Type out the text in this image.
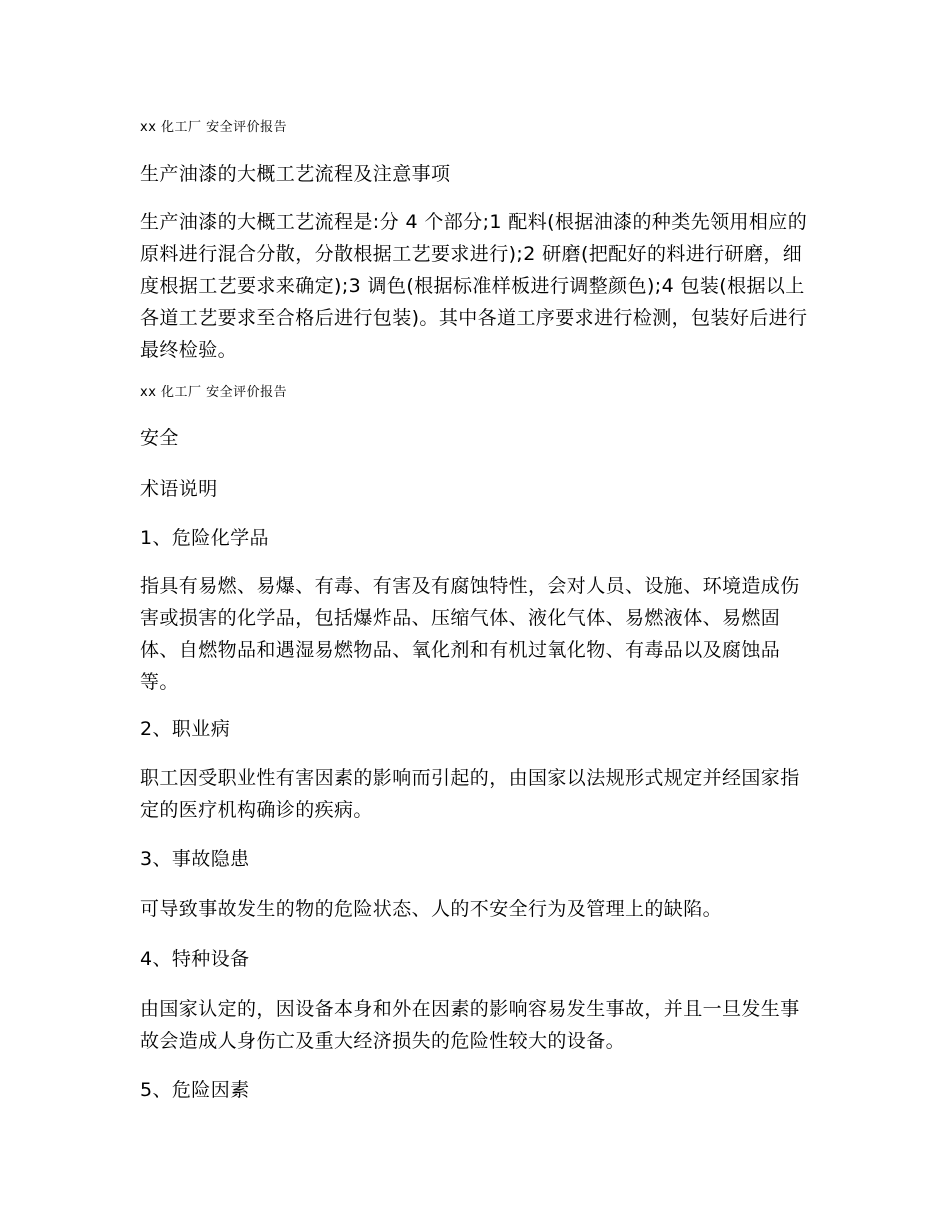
xx 化工厂 安全评价报告

生产油漆的大概工艺流程及注意事项

生产油漆的大概工艺流程是:分 4 个部分;1 配料(根据油漆的种类先领用相应的原料进行混合分散，分散根据工艺要求进行);2 研磨(把配好的料进行研磨，细度根据工艺要求来确定);3 调色(根据标准样板进行调整颜色);4 包装(根据以上各道工艺要求至合格后进行包装)。其中各道工序要求进行检测，包装好后进行最终检验。

xx 化工厂 安全评价报告

安全

术语说明

1、危险化学品

指具有易燃、易爆、有毒、有害及有腐蚀特性，会对人员、设施、环境造成伤害或损害的化学品，包括爆炸品、压缩气体、液化气体、易燃液体、易燃固体、自燃物品和遇湿易燃物品、氧化剂和有机过氧化物、有毒品以及腐蚀品等。

2、职业病

职工因受职业性有害因素的影响而引起的，由国家以法规形式规定并经国家指定的医疗机构确诊的疾病。

3、事故隐患

可导致事故发生的物的危险状态、人的不安全行为及管理上的缺陷。

4、特种设备

由国家认定的，因设备本身和外在因素的影响容易发生事故，并且一旦发生事故会造成人身伤亡及重大经济损失的危险性较大的设备。

5、危险因素
